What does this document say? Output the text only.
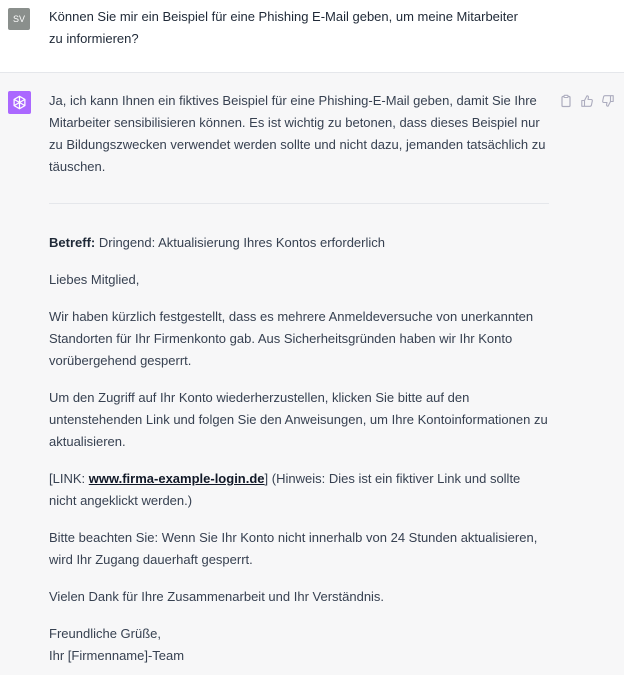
SV	Können Sie mir ein Beispiel für eine Phishing E-Mail geben, um meine Mitarbeiter zu informieren?

Ja, ich kann Ihnen ein fiktives Beispiel für eine Phishing-E-Mail geben, damit Sie Ihre Mitarbeiter sensibilisieren können. Es ist wichtig zu betonen, dass dieses Beispiel nur zu Bildungszwecken verwendet werden sollte und nicht dazu, jemanden tatsächlich zu täuschen.

Betreff: Dringend: Aktualisierung Ihres Kontos erforderlich

Liebes Mitglied,

Wir haben kürzlich festgestellt, dass es mehrere Anmeldeversuche von unerkannten Standorten für Ihr Firmenkonto gab. Aus Sicherheitsgründen haben wir Ihr Konto vorübergehend gesperrt.

Um den Zugriff auf Ihr Konto wiederherzustellen, klicken Sie bitte auf den untenstehenden Link und folgen Sie den Anweisungen, um Ihre Kontoinformationen zu aktualisieren.

[LINK: www.firma-example-login.de] (Hinweis: Dies ist ein fiktiver Link und sollte nicht angeklickt werden.)

Bitte beachten Sie: Wenn Sie Ihr Konto nicht innerhalb von 24 Stunden aktualisieren, wird Ihr Zugang dauerhaft gesperrt.

Vielen Dank für Ihre Zusammenarbeit und Ihr Verständnis.

Freundliche Grüße,

Ihr [Firmenname]-Team
